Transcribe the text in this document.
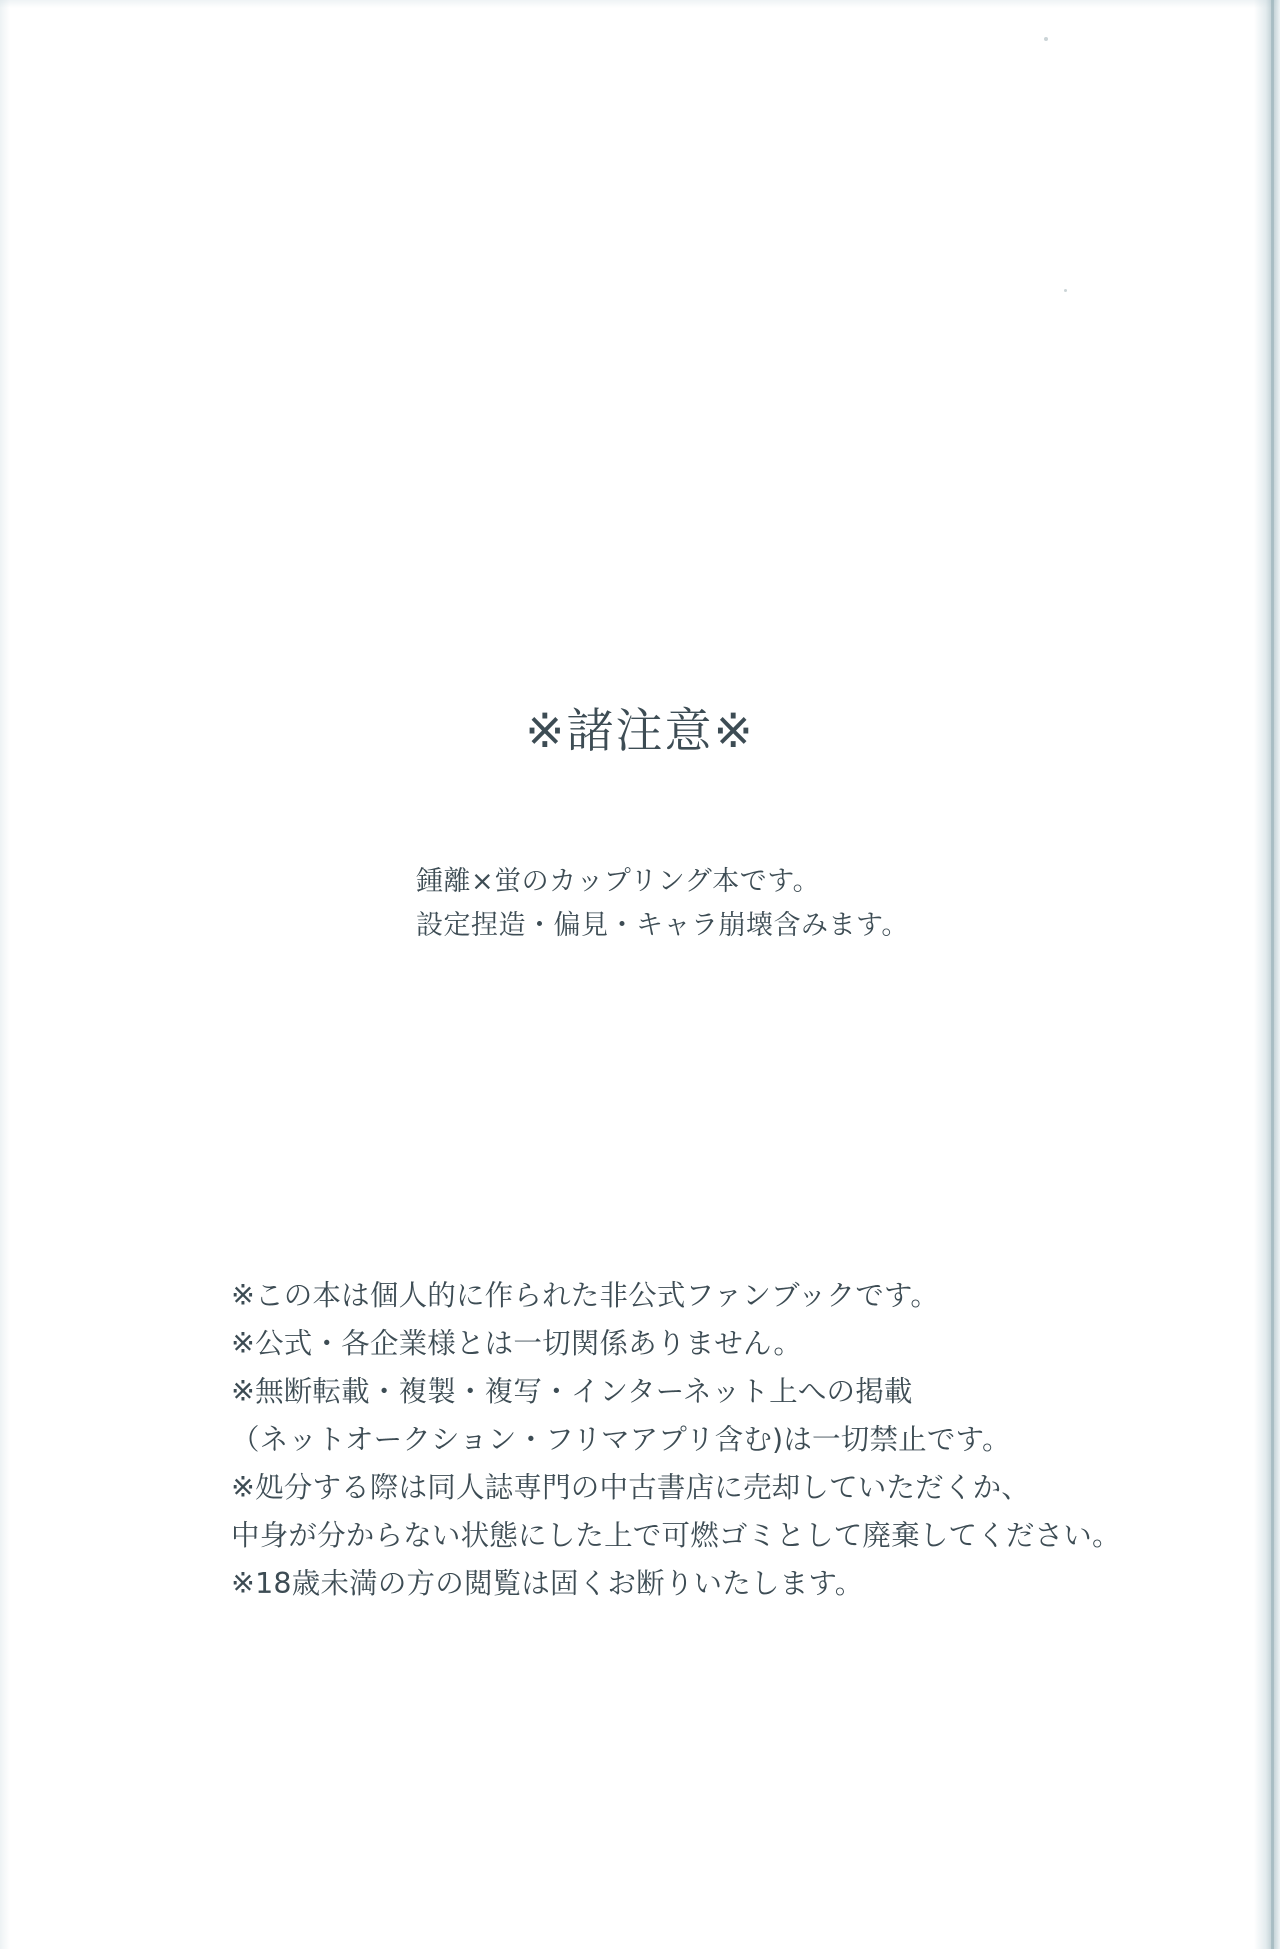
※諸注意※
鍾離×蛍のカップリング本です。
設定捏造・偏見・キャラ崩壊含みます。
※この本は個人的に作られた非公式ファンブックです。
※公式・各企業様とは一切関係ありません。
※無断転載・複製・複写・インターネット上への掲載
（ネットオークション・フリマアプリ含む)は一切禁止です。
※処分する際は同人誌専門の中古書店に売却していただくか、
中身が分からない状態にした上で可燃ゴミとして廃棄してください。
※18歳未満の方の閲覧は固くお断りいたします。
